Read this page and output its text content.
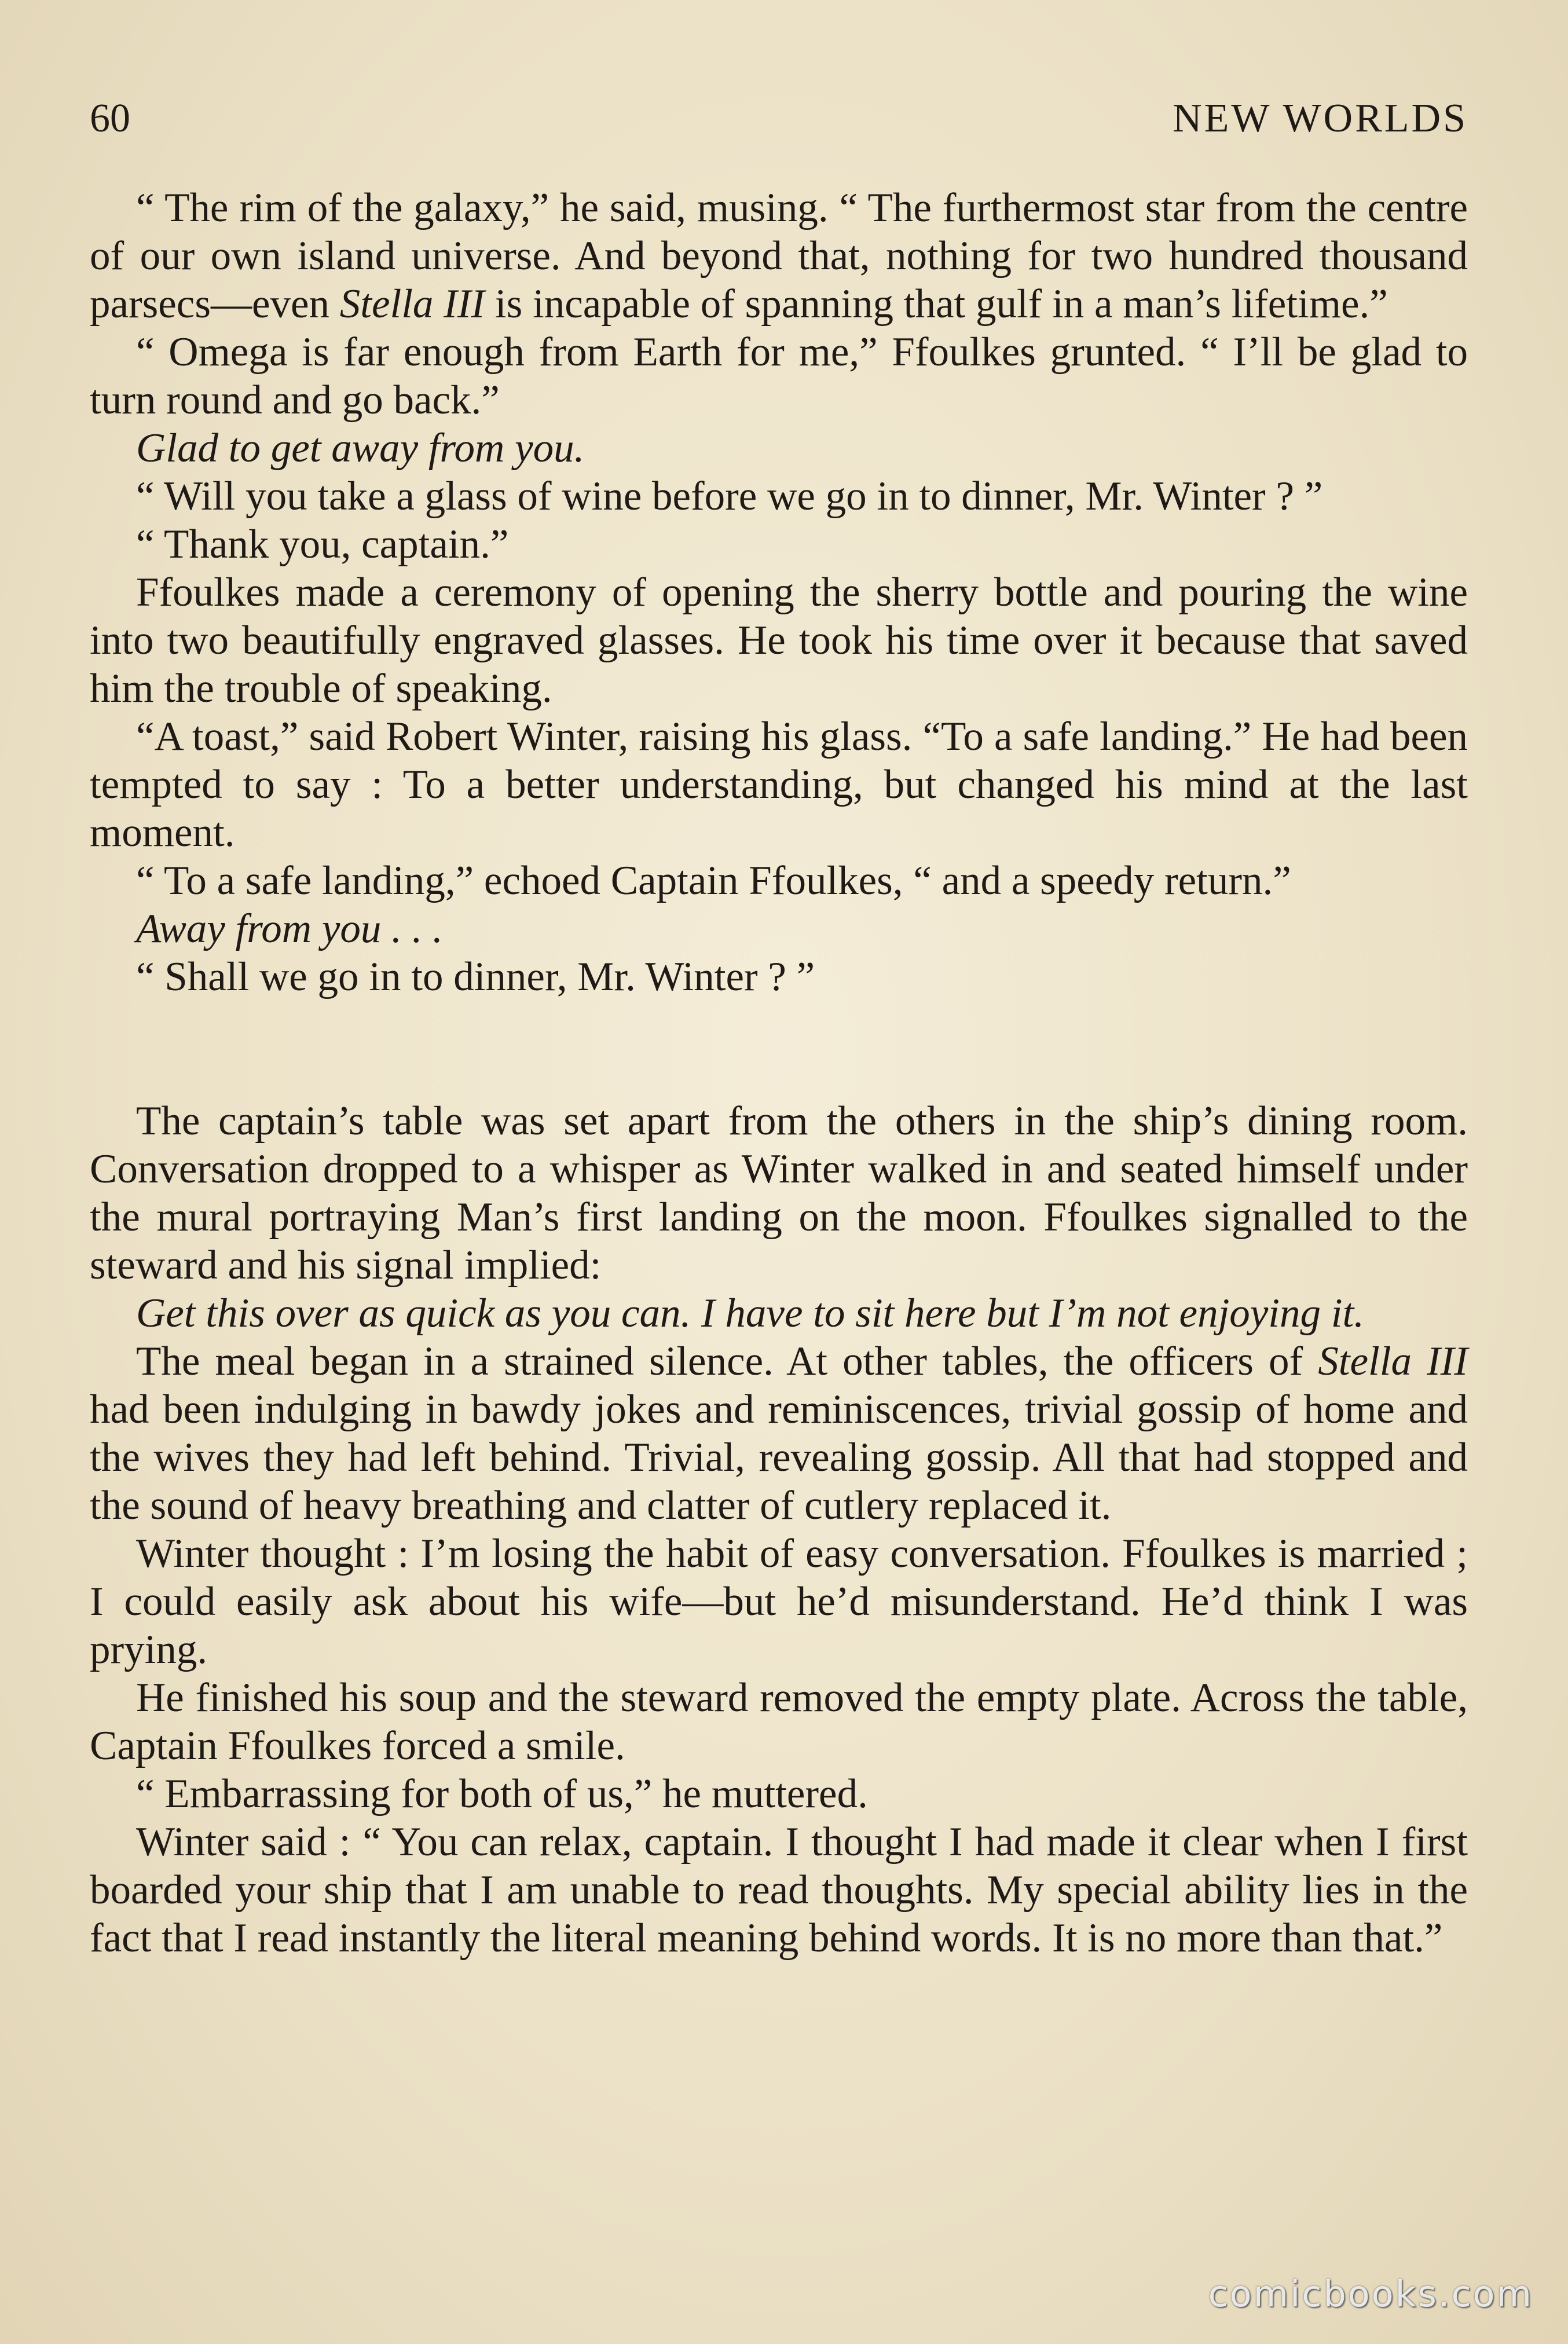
60	NEW WORLDS

“ The rim of the galaxy,” he said, musing. “ The furthermost star from the centre of our own island universe. And beyond that, nothing for two hundred thousand parsecs—even Stella III is incapable of spanning that gulf in a man’s lifetime.”

“ Omega is far enough from Earth for me,” Ffoulkes grunted. “ I’ll be glad to turn round and go back.”

Glad to get away from you.

“ Will you take a glass of wine before we go in to dinner, Mr. Winter ? ”

“ Thank you, captain.”

Ffoulkes made a ceremony of opening the sherry bottle and pouring the wine into two beautifully engraved glasses. He took his time over it because that saved him the trouble of speaking.

“A toast,” said Robert Winter, raising his glass. “To a safe landing.” He had been tempted to say : To a better understanding, but changed his mind at the last moment.

“ To a safe landing,” echoed Captain Ffoulkes, “ and a speedy return.”

Away from you . . .

“ Shall we go in to dinner, Mr. Winter ? ”

The captain’s table was set apart from the others in the ship’s dining room. Conversation dropped to a whisper as Winter walked in and seated himself under the mural portraying Man’s first landing on the moon. Ffoulkes signalled to the steward and his signal implied:

Get this over as quick as you can. I have to sit here but I’m not enjoying it.

The meal began in a strained silence. At other tables, the officers of Stella III had been indulging in bawdy jokes and reminiscences, trivial gossip of home and the wives they had left behind. Trivial, revealing gossip. All that had stopped and the sound of heavy breathing and clatter of cutlery replaced it.

Winter thought : I’m losing the habit of easy conversation. Ffoulkes is married ; I could easily ask about his wife—but he’d misunderstand. He’d think I was prying.

He finished his soup and the steward removed the empty plate. Across the table, Captain Ffoulkes forced a smile.

“ Embarrassing for both of us,” he muttered.

Winter said : “ You can relax, captain. I thought I had made it clear when I first boarded your ship that I am unable to read thoughts. My special ability lies in the fact that I read instantly the literal meaning behind words. It is no more than that.”

comicbooks.com
